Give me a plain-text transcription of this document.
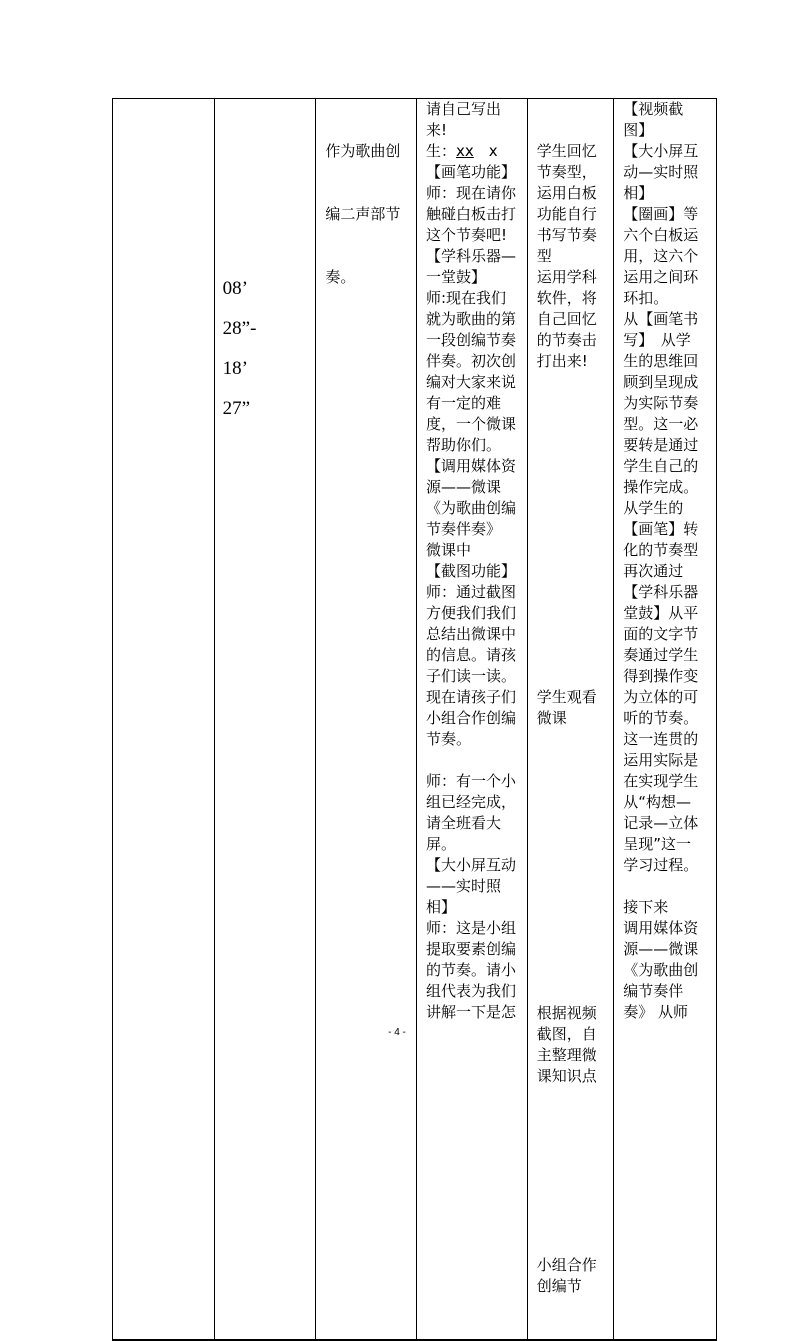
08’
28”-
18’
27”

作为歌曲创

编二声部节

奏。

请自己写出
来!
生：xx　x
【画笔功能】
师：现在请你
触碰白板击打
这个节奏吧!
【学科乐器—
一堂鼓】
师:现在我们
就为歌曲的第
一段创编节奏
伴奏。初次创
编对大家来说
有一定的难
度，一个微课
帮助你们。
【调用媒体资
源——微课
《为歌曲创编
节奏伴奏》
微课中
【截图功能】
师：通过截图
方便我们我们
总结出微课中
的信息。请孩
子们读一读。
现在请孩子们
小组合作创编
节奏。
师：有一个小
组已经完成，
请全班看大
屏。
【大小屏互动
——实时照
相】
师：这是小组
提取要素创编
的节奏。请小
组代表为我们
讲解一下是怎

学生回忆
节奏型，
运用白板
功能自行
书写节奏
型
运用学科
软件，将
自己回忆
的节奏击
打出来!

学生观看
微课

根据视频
截图，自
主整理微
课知识点

小组合作
创编节

【视频截
图】
【大小屏互
动—实时照
相】
【圈画】等
六个白板运
用，这六个
运用之间环
环扣。
从【画笔书
写】　从学
生的思维回
顾到呈现成
为实际节奏
型。这一必
要转是通过
学生自己的
操作完成。
从学生的
【画笔】转
化的节奏型
再次通过
【学科乐器
堂鼓】从平
面的文字节
奏通过学生
得到操作变
为立体的可
听的节奏。
这一连贯的
运用实际是
在实现学生
从“构想—
记录—立体
呈现”这一
学习过程。
接下来
调用媒体资
源——微课
《为歌曲创
编节奏伴
奏》 从师
- 4 -
